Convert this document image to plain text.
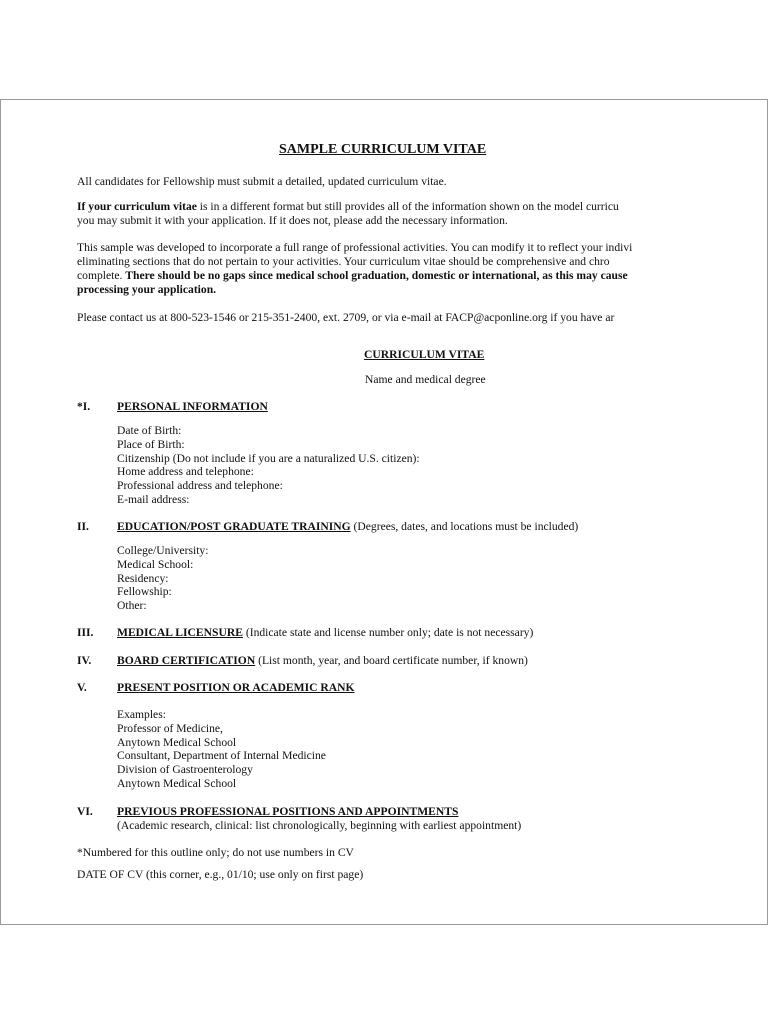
SAMPLE CURRICULUM VITAE
All candidates for Fellowship must submit a detailed, updated curriculum vitae.
If your curriculum vitae is in a different format but still provides all of the information shown on the model curricu
you may submit it with your application. If it does not, please add the necessary information.
This sample was developed to incorporate a full range of professional activities. You can modify it to reflect your indivi
eliminating sections that do not pertain to your activities. Your curriculum vitae should be comprehensive and chro
complete. There should be no gaps since medical school graduation, domestic or international, as this may cause
processing your application.
Please contact us at 800-523-1546 or 215-351-2400, ext. 2709, or via e-mail at FACP@acponline.org if you have ar
CURRICULUM VITAE
Name and medical degree
*I. PERSONAL INFORMATION
Date of Birth:
Place of Birth:
Citizenship (Do not include if you are a naturalized U.S. citizen):
Home address and telephone:
Professional address and telephone:
E-mail address:
II. EDUCATION/POST GRADUATE TRAINING (Degrees, dates, and locations must be included)
College/University:
Medical School:
Residency:
Fellowship:
Other:
III. MEDICAL LICENSURE (Indicate state and license number only; date is not necessary)
IV. BOARD CERTIFICATION (List month, year, and board certificate number, if known)
V.	PRESENT POSITION OR ACADEMIC RANK
Examples:
Professor of Medicine,
Anytown Medical School
Consultant, Department of Internal Medicine
Division of Gastroenterology
Anytown Medical School
VI. PREVIOUS PROFESSIONAL POSITIONS AND APPOINTMENTS
(Academic research, clinical: list chronologically, beginning with earliest appointment)
*Numbered for this outline only; do not use numbers in CV
DATE OF CV (this corner, e.g., 01/10; use only on first page)
